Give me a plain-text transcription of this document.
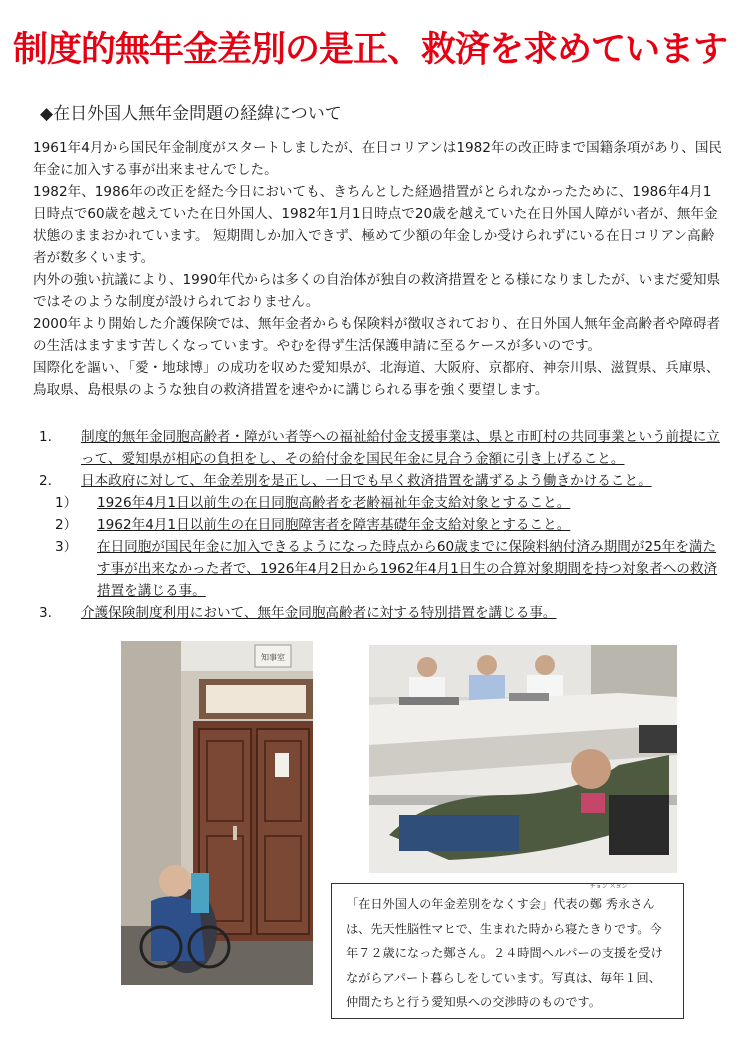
制度的無年金差別の是正、救済を求めています
◆在日外国人無年金問題の経緯について

1961年4月から国民年金制度がスタートしましたが、在日コリアンは1982年の改正時まで国籍条項があり、国民年金に加入する事が出来ませんでした。

1982年、1986年の改正を経た今日においても、きちんとした経過措置がとられなかったために、1986年4月1日時点で60歳を越えていた在日外国人、1982年1月1日時点で20歳を越えていた在日外国人障がい者が、無年金状態のままおかれています。 短期間しか加入できず、極めて少額の年金しか受けられずにいる在日コリアン高齢者が数多くいます。

内外の強い抗議により、1990年代からは多くの自治体が独自の救済措置をとる様になりましたが、いまだ愛知県ではそのような制度が設けられておりません。

2000年より開始した介護保険では、無年金者からも保険料が徴収されており、在日外国人無年金高齢者や障碍者の生活はますます苦しくなっています。やむを得ず生活保護申請に至るケースが多いのです。

国際化を謳い、「愛・地球博」の成功を収めた愛知県が、北海道、大阪府、京都府、神奈川県、滋賀県、兵庫県、鳥取県、島根県のような独自の救済措置を速やかに講じられる事を強く要望します。

1. 制度的無年金同胞高齢者・障がい者等への福祉給付金支援事業は、県と市町村の共同事業という前提に立って、愛知県が相応の負担をし、その給付金を国民年金に見合う金額に引き上げること。
2. 日本政府に対して、年金差別を是正し、一日でも早く救済措置を講ずるよう働きかけること。
1） 1926年4月1日以前生の在日同胞高齢者を老齢福祉年金支給対象とすること。
2） 1962年4月1日以前生の在日同胞障害者を障害基礎年金支給対象とすること。
3） 在日同胞が国民年金に加入できるようになった時点から60歳までに保険料納付済み期間が25年を満たす事が出来なかった者で、1926年4月2日から1962年4月1日生の合算対象期間を持つ対象者への救済措置を講じる事。
3. 介護保険制度利用において、無年金同胞高齢者に対する特別措置を講じる事。
知事室
「在日外国人の年金差別をなくす会」代表の鄭 秀永
チョン スヨン
さんは、先天性脳性マヒで、生まれた時から寝たきりです。今年７２歳になった鄭さん。２４時間ヘルパーの支援を受けながらアパート暮らしをしています。写真は、毎年１回、仲間たちと行う愛知県への交渉時のものです。
